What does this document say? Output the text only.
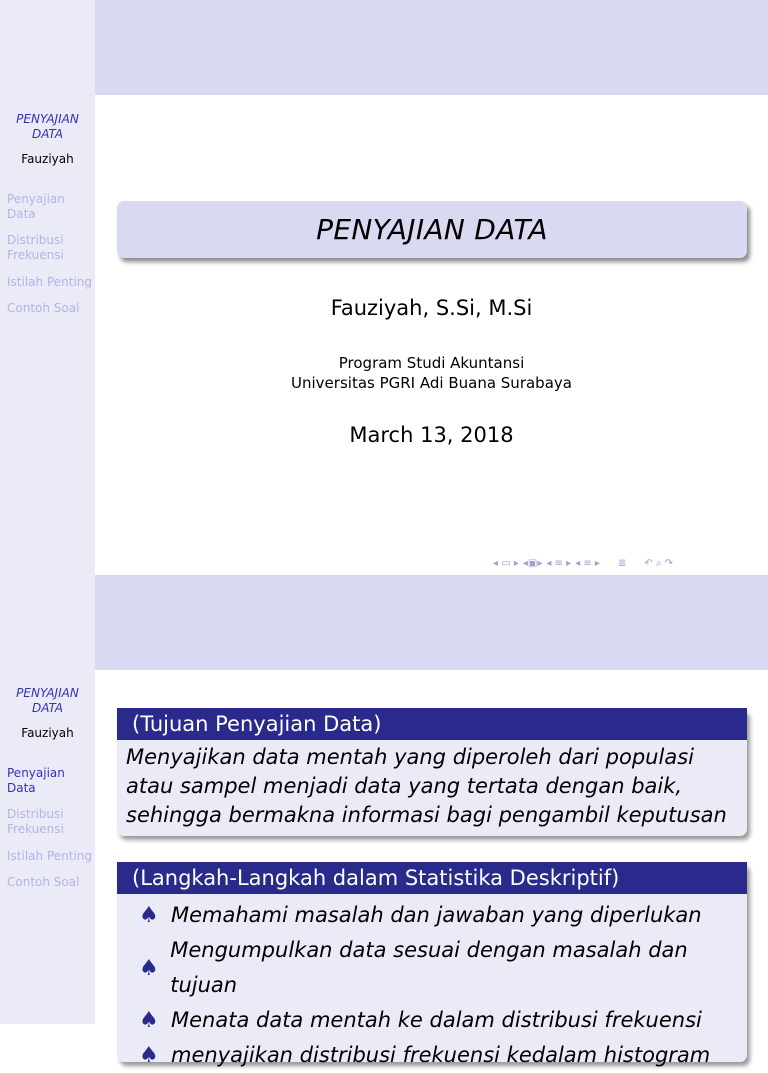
PENYAJIAN DATA
Fauziyah
Penyajian Data
Distribusi Frekuensi
Istilah Penting
Contoh Soal
PENYAJIAN DATA
Fauziyah, S.Si, M.Si
Program Studi Akuntansi
Universitas PGRI Adi Buana Surabaya
March 13, 2018
◂ ▭ ▸ ◂▣▸ ◂ ≡ ▸ ◂ ≡ ▸ ≣ ↶ ⌕ ↷
PENYAJIAN DATA
Fauziyah
Penyajian Data
Distribusi Frekuensi
Istilah Penting
Contoh Soal
(Tujuan Penyajian Data)
Menyajikan data mentah yang diperoleh dari populasi atau sampel menjadi data yang tertata dengan baik, sehingga bermakna informasi bagi pengambil keputusan
(Langkah-Langkah dalam Statistika Deskriptif)
♠ Memahami masalah dan jawaban yang diperlukan
♠
Mengumpulkan data sesuai dengan masalah dan tujuan
♠ Menata data mentah ke dalam distribusi frekuensi
♠ menyajikan distribusi frekuensi kedalam histogram
